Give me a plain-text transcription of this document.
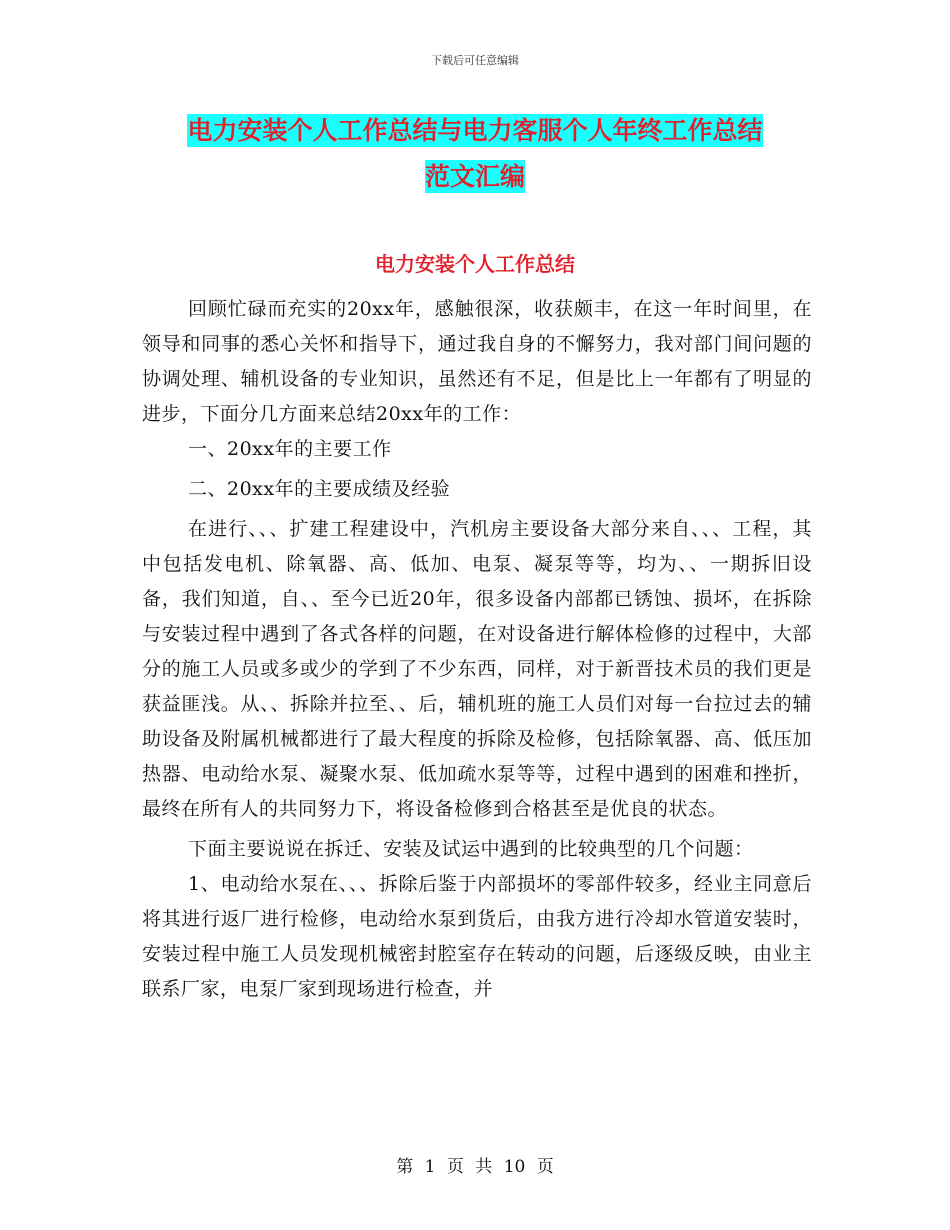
下载后可任意编辑
电力安装个人工作总结与电力客服个人年终工作总结
范文汇编
电力安装个人工作总结

回顾忙碌而充实的20xx年，感触很深，收获颇丰，在这一年时间里，在领导和同事的悉心关怀和指导下，通过我自身的不懈努力，我对部门间问题的协调处理、辅机设备的专业知识，虽然还有不足，但是比上一年都有了明显的进步，下面分几方面来总结20xx年的工作：

一、20xx年的主要工作

二、20xx年的主要成绩及经验

在进行、、、扩建工程建设中，汽机房主要设备大部分来自、、、工程，其中包括发电机、除氧器、高、低加、电泵、凝泵等等，均为、、一期拆旧设备，我们知道，自、、至今已近20年，很多设备内部都已锈蚀、损坏，在拆除与安装过程中遇到了各式各样的问题，在对设备进行解体检修的过程中，大部分的施工人员或多或少的学到了不少东西，同样，对于新晋技术员的我们更是获益匪浅。从、、拆除并拉至、、后，辅机班的施工人员们对每一台拉过去的辅助设备及附属机械都进行了最大程度的拆除及检修，包括除氧器、高、低压加热器、电动给水泵、凝聚水泵、低加疏水泵等等，过程中遇到的困难和挫折，最终在所有人的共同努力下，将设备检修到合格甚至是优良的状态。

下面主要说说在拆迁、安装及试运中遇到的比较典型的几个问题：

1、电动给水泵在、、、拆除后鉴于内部损坏的零部件较多，经业主同意后将其进行返厂进行检修，电动给水泵到货后，由我方进行冷却水管道安装时，安装过程中施工人员发现机械密封腔室存在转动的问题，后逐级反映，由业主联系厂家，电泵厂家到现场进行检查，并

第 1 页 共 10 页
